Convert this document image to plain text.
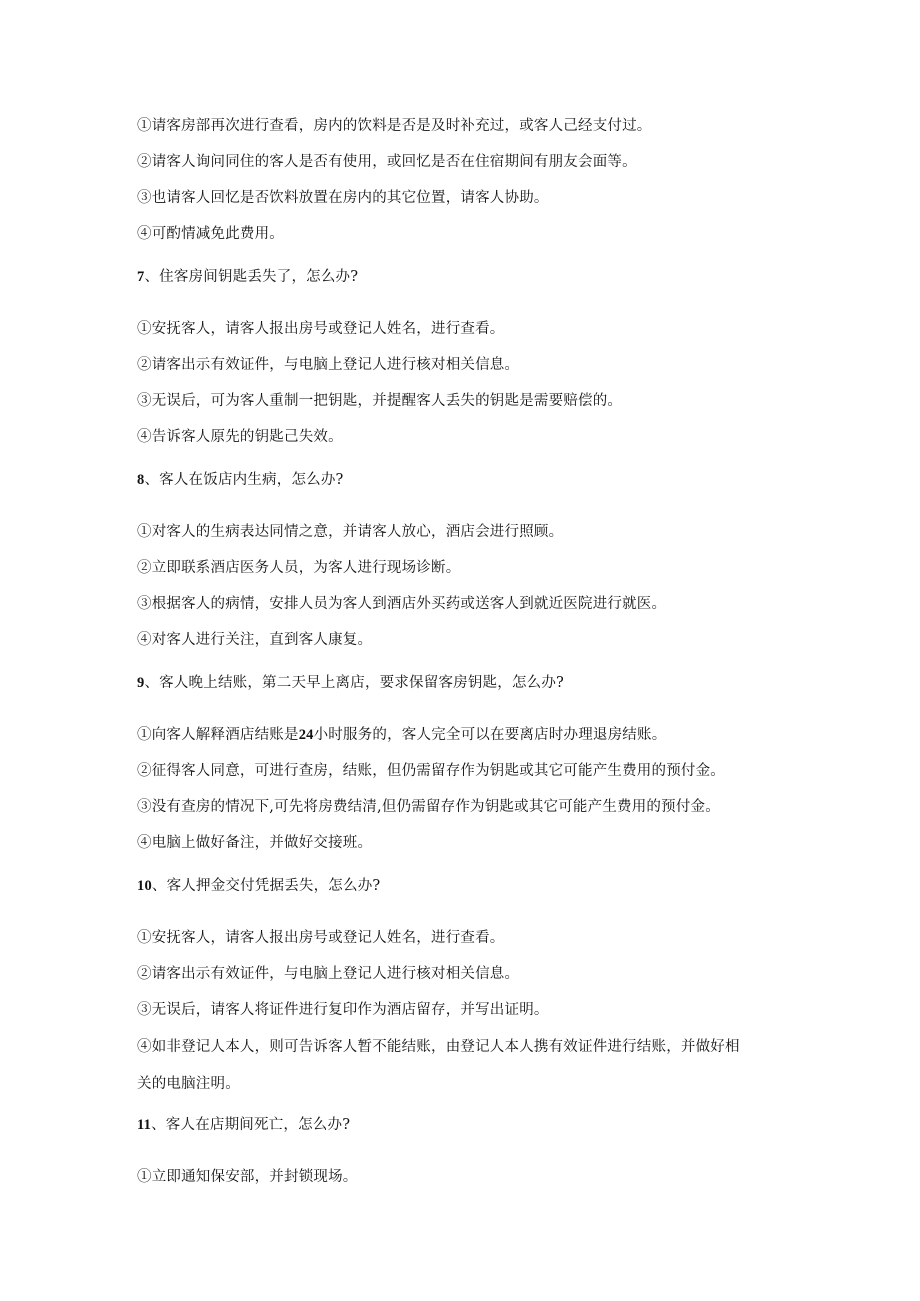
①请客房部再次进行查看，房内的饮料是否是及时补充过，或客人己经支付过。
②请客人询问同住的客人是否有使用，或回忆是否在住宿期间有朋友会面等。
③也请客人回忆是否饮料放置在房内的其它位置，请客人协助。
④可酌情减免此费用。
7、住客房间钥匙丢失了，怎么办?
①安抚客人，请客人报出房号或登记人姓名，进行查看。
②请客出示有效证件，与电脑上登记人进行核对相关信息。
③无误后，可为客人重制一把钥匙，并提醒客人丢失的钥匙是需要赔偿的。
④告诉客人原先的钥匙己失效。
8、客人在饭店内生病，怎么办?
①对客人的生病表达同情之意，并请客人放心，酒店会进行照顾。
②立即联系酒店医务人员，为客人进行现场诊断。
③根据客人的病情，安排人员为客人到酒店外买药或送客人到就近医院进行就医。
④对客人进行关注，直到客人康复。
9、客人晚上结账，第二天早上离店，要求保留客房钥匙，怎么办?
①向客人解释酒店结账是24小时服务的，客人完全可以在要离店时办理退房结账。
②征得客人同意，可进行查房，结账，但仍需留存作为钥匙或其它可能产生费用的预付金。
③没有查房的情况下,可先将房费结清,但仍需留存作为钥匙或其它可能产生费用的预付金。
④电脑上做好备注，并做好交接班。
10、客人押金交付凭据丢失，怎么办?
①安抚客人，请客人报出房号或登记人姓名，进行查看。
②请客出示有效证件，与电脑上登记人进行核对相关信息。
③无误后，请客人将证件进行复印作为酒店留存，并写出证明。
④如非登记人本人，则可告诉客人暂不能结账，由登记人本人携有效证件进行结账，并做好相
关的电脑注明。
11、客人在店期间死亡，怎么办?
①立即通知保安部，并封锁现场。
